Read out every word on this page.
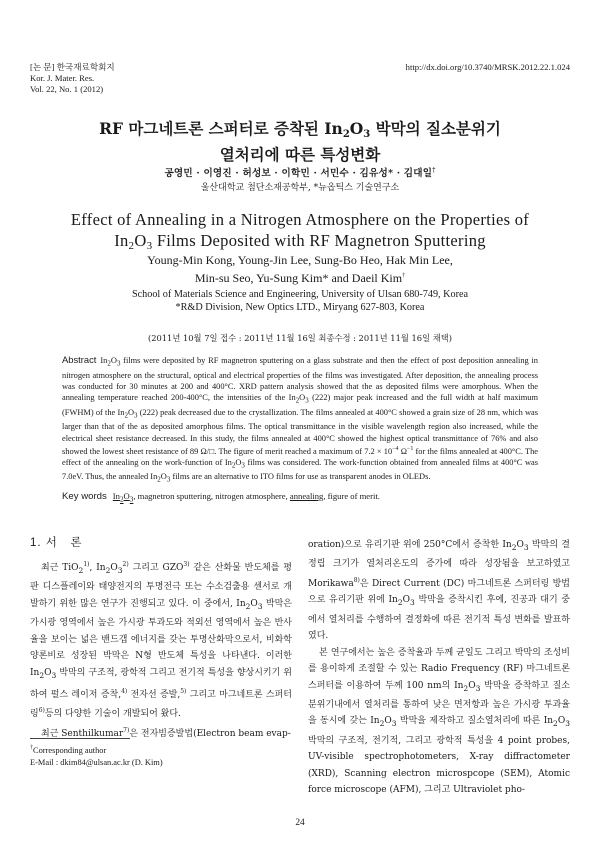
[논 문] 한국재료학회지
Kor. J. Mater. Res.
Vol. 22, No. 1 (2012)
http://dx.doi.org/10.3740/MRSK.2012.22.1.024
RF 마그네트론 스퍼터로 증착된 $In_2O_3$ 박막의 질소분위기
열처리에 따른 특성변화
공영민 · 이영진 · 허성보 · 이학민 · 서민수 · 김유성* · 김대일†
울산대학교 첨단소재공학부, *뉴옵틱스 기술연구소
Effect of Annealing in a Nitrogen Atmosphere on the Properties of
$In_2O_3$ Films Deposited with RF Magnetron Sputtering
Young-Min Kong, Young-Jin Lee, Sung-Bo Heo, Hak Min Lee,
Min-su Seo, Yu-Sung Kim* and Daeil Kim†
School of Materials Science and Engineering, University of Ulsan 680-749, Korea
*R&D Division, New Optics LTD., Miryang 627-803, Korea
(2011년 10월 7일 접수 : 2011년 11월 16일 최종수정 : 2011년 11월 16일 채택)
Abstract $In_2O_3$ films were deposited by RF magnetron sputtering on a glass substrate and then the effect of post deposition annealing in nitrogen atmosphere on the structural, optical and electrical properties of the films was investigated. After deposition, the annealing process was conducted for 30 minutes at 200 and 400°C. XRD pattern analysis showed that the as deposited films were amorphous. When the annealing temperature reached 200-400°C, the intensities of the $In_2O_3$ (222) major peak increased and the full width at half maximum (FWHM) of the $In_2O_3$ (222) peak decreased due to the crystallization. The films annealed at 400°C showed a grain size of 28 nm, which was larger than that of the as deposited amorphous films. The optical transmittance in the visible wavelength region also increased, while the electrical sheet resistance decreased. In this study, the films annealed at 400°C showed the highest optical transmittance of 76% and also showed the lowest sheet resistance of 89 Ω/□. The figure of merit reached a maximum of $7.2 \times 10^{-4}$ $\Omega^{-1}$ for the films annealed at 400°C. The effect of the annealing on the work-function of $In_2O_3$ films was considered. The work-function obtained from annealed films at 400°C was 7.0eV. Thus, the annealed $In_2O_3$ films are an alternative to ITO films for use as transparent anodes in OLEDs.
Key words $In_2O_3$, magnetron sputtering, nitrogen atmosphere, annealing, figure of merit.
1. 서　론

최근 TiO$_2^{1)}$, $In_2O_3^{2)}$ 그리고 GZO$^{3)}$ 같은 산화물 반도체를 평판 디스플레이와 태양전지의 투명전극 또는 수소검출용 센서로 개발하기 위한 많은 연구가 진행되고 있다. 이 중에서, $In_2O_3$ 박막은 가시광 영역에서 높은 가시광 투과도와 적외선 영역에서 높은 반사율을 보이는 넓은 밴드갭 에너지를 갖는 투명산화막으로서, 비화학양론비로 성장된 박막은 N형 반도체 특성을 나타낸다. 이러한 $In_2O_3$ 박막의 구조적, 광학적 그리고 전기적 특성을 향상시키기 위하여 펄스 레이저 증착,$^{4)}$ 전자선 증발,$^{5)}$ 그리고 마그네트론 스퍼터링$^{6)}$등의 다양한 기술이 개발되어 왔다.

최근 Senthilkumar$^{7)}$은 전자빔증발법(Electron beam evap-

oration)으로 유리기판 위에 250°C에서 증착한 $In_2O_3$ 박막의 결정립 크기가 열처리온도의 증가에 따라 성장됨을 보고하였고 Morikawa$^{8)}$은 Direct Current (DC) 마그네트론 스퍼터링 방법으로 유리기판 위에 $In_2O_3$ 박막을 증착시킨 후에, 진공과 대기 중에서 열처리를 수행하여 결정화에 따른 전기적 특성 변화를 발표하였다.

본 연구에서는 높은 증착율과 두께 균일도 그리고 박막의 조성비를 용이하게 조절할 수 있는 Radio Frequency (RF) 마그네트론 스퍼터를 이용하여 두께 100 nm의 $In_2O_3$ 박막을 증착하고 질소분위기내에서 열처리를 통하여 낮은 면저항과 높은 가시광 투과율을 동시에 갖는 $In_2O_3$ 박막을 제작하고 질소열처리에 따른 $In_2O_3$ 박막의 구조적, 전기적, 그리고 광학적 특성을 4 point probes, UV-visible spectrophotometers, X-ray diffractometer (XRD), Scanning electron microspcope (SEM), Atomic force microscope (AFM), 그리고 Ultraviolet pho-

†Corresponding author
E-Mail : dkim84@ulsan.ac.kr (D. Kim)
24
